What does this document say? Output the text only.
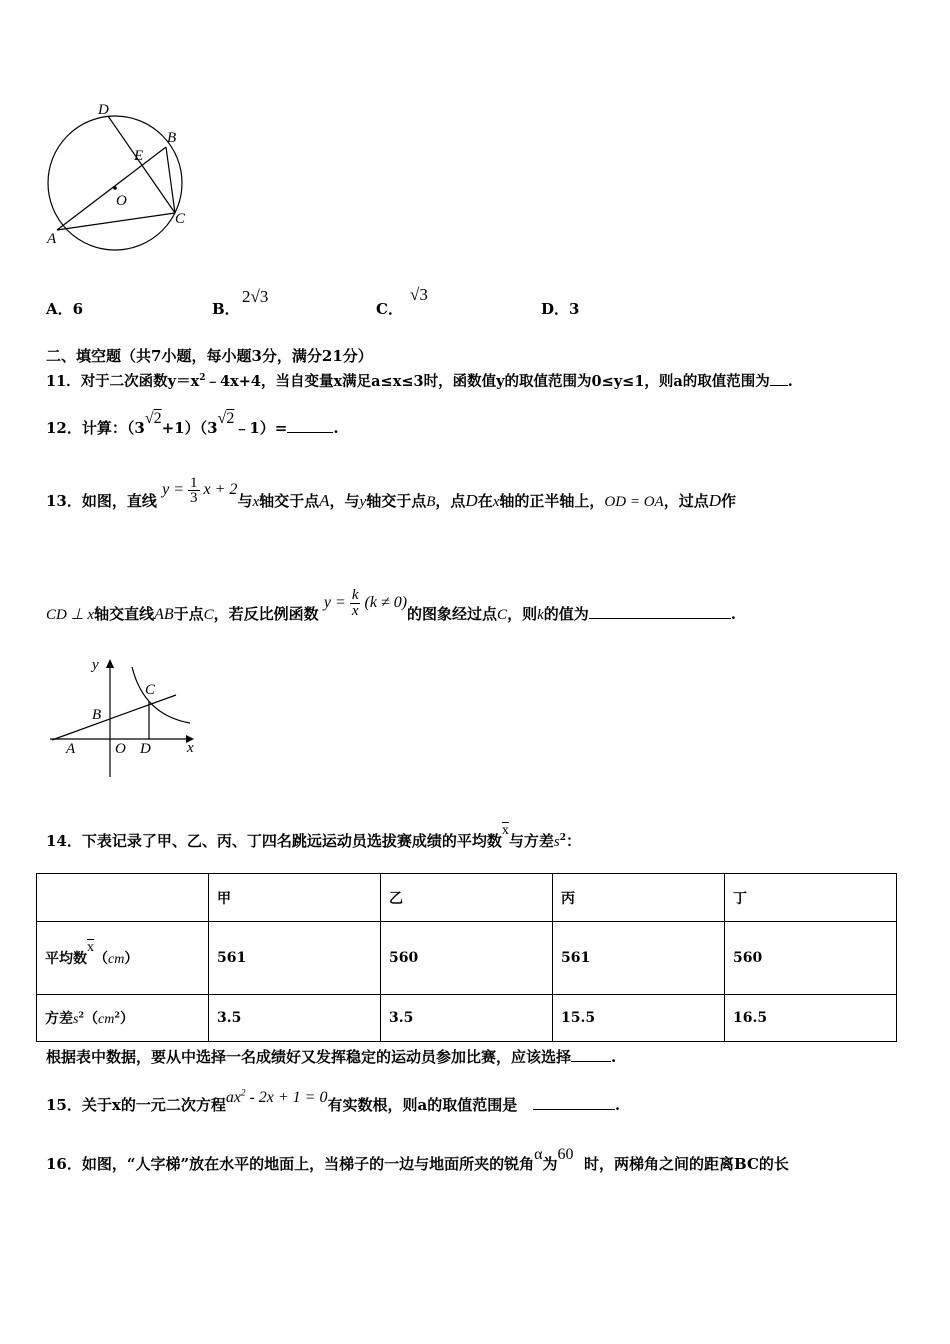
D
B
E
O
C
A
A．6	B．
2√3
C．
√3
D．3
二、填空题（共7小题，每小题3分，满分21分）
11．对于二次函数$y=x^2﹣4x+4$，当自变量x满足a≤x≤3时，函数值y的取值范围为0≤y≤1，则a的取值范围为 .
12．计算：（3√2+1）（3√2﹣1）=	.
13．如图，直线 $y = \frac{1}{3}$ x + 2与x轴交于点A，与y轴交于点B，点D在x轴的正半轴上，OD = OA，过点D作
CD ⊥ x轴交直线AB于点C，若反比例函数 $y = \frac{k}{x} (k \ne 0)$的图象经过点C，则k的值为	.
y
C
B
A	O D x
14．下表记录了甲、乙、丙、丁四名跳远运动员选拔赛成绩的平均数$\overline{x}$与方差$s^2$：
	甲	乙	丙	丁
平均数$\overline{x}(cm)$	561	560	561	560
方差$s^2(cm^2)$	3.5	3.5	15.5	16.5
根据表中数据，要从中选择一名成绩好又发挥稳定的运动员参加比赛，应该选择	.
15．关于x的一元二次方程$ax^2 - 2x + 1 = 0$有实数根，则a的取值范围是	.
16．如图，“人字梯”放在水平的地面上，当梯子的一边与地面所夹的锐角α为60  时，两梯角之间的距离BC的长
